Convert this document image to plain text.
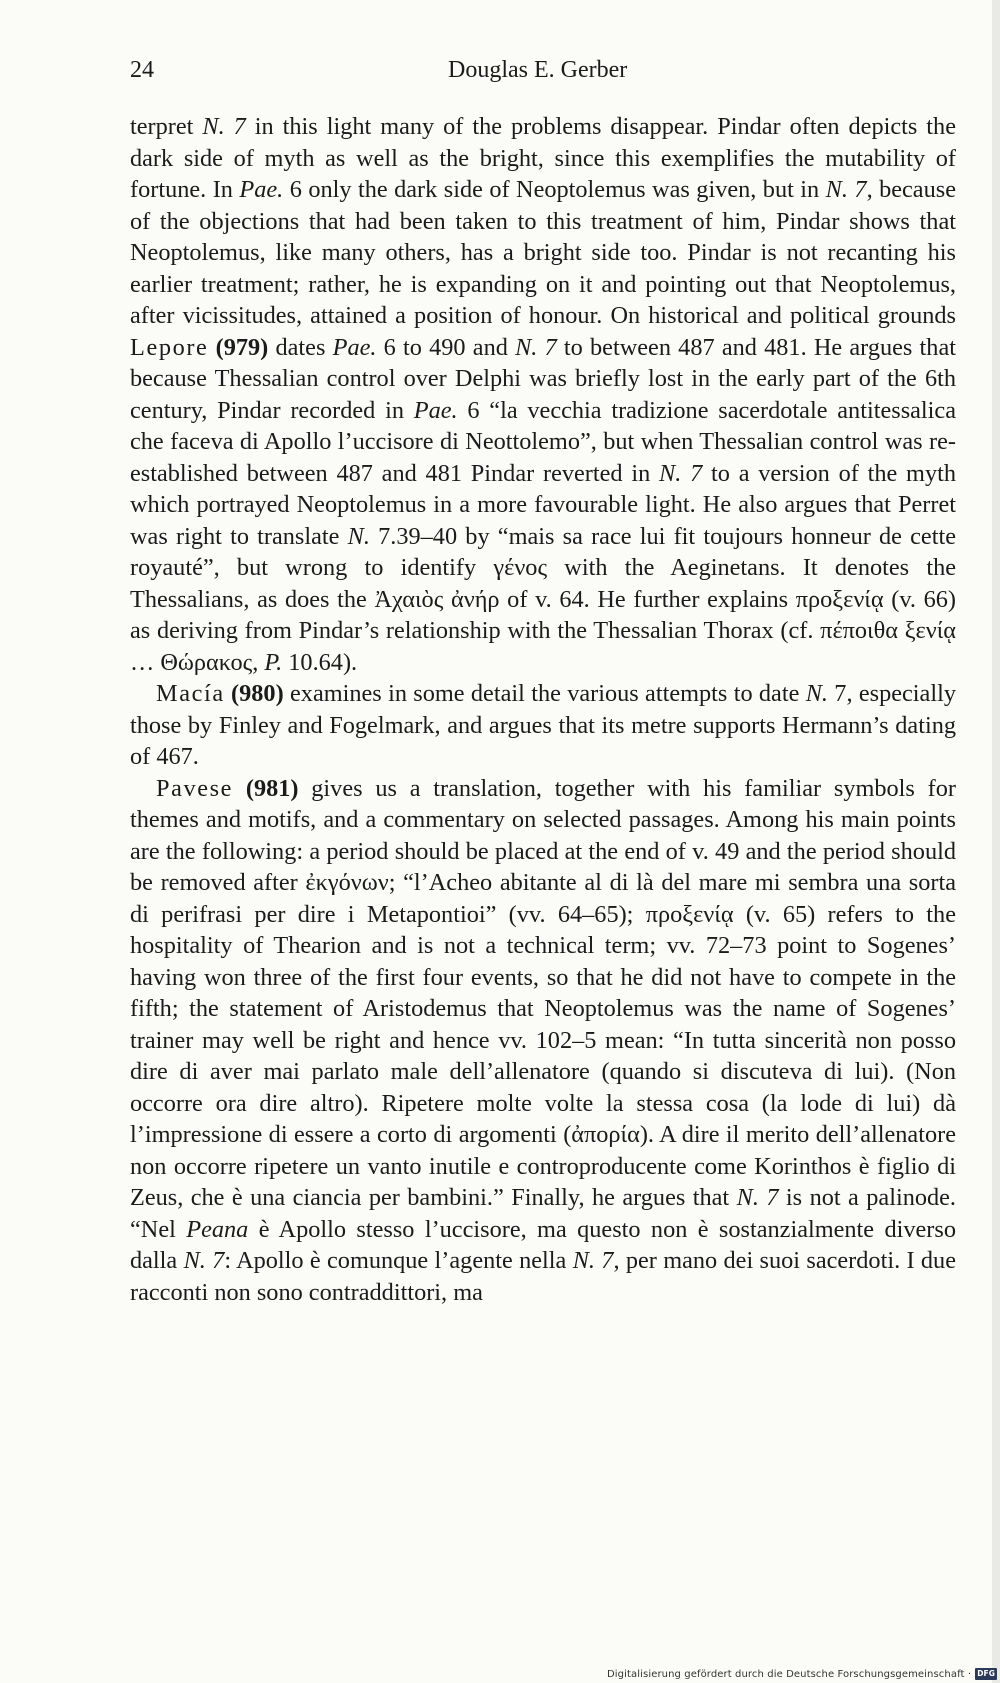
24	Douglas E. Gerber

terpret N. 7 in this light many of the problems disappear. Pindar often depicts the dark side of myth as well as the bright, since this exemplifies the mutability of fortune. In Pae. 6 only the dark side of Neoptolemus was given, but in N. 7, because of the objections that had been taken to this treatment of him, Pindar shows that Neoptolemus, like many others, has a bright side too. Pindar is not recanting his earlier treatment; rather, he is expanding on it and pointing out that Neoptolemus, after vicissitudes, attained a position of honour. On historical and political grounds Lepore (979) dates Pae. 6 to 490 and N. 7 to between 487 and 481. He argues that because Thessalian control over Delphi was briefly lost in the early part of the 6th century, Pindar recorded in Pae. 6 “la vecchia tradizione sacerdotale antitessalica che faceva di Apollo l’uccisore di Neottolemo”, but when Thessalian control was re-established between 487 and 481 Pindar reverted in N. 7 to a version of the myth which portrayed Neoptolemus in a more favourable light. He also argues that Perret was right to translate N. 7.39–40 by “mais sa race lui fit toujours honneur de cette royauté”, but wrong to identify γένος with the Aeginetans. It denotes the Thessalians, as does the Ἀχαιὸς ἀνήρ of v. 64. He further explains προξενίᾳ (v. 66) as deriving from Pindar’s relationship with the Thessalian Thorax (cf. πέποιθα ξενίᾳ … Θώρακος, P. 10.64).

Macía (980) examines in some detail the various attempts to date N. 7, especially those by Finley and Fogelmark, and argues that its metre supports Hermann’s dating of 467.

Pavese (981) gives us a translation, together with his familiar symbols for themes and motifs, and a commentary on selected passages. Among his main points are the following: a period should be placed at the end of v. 49 and the period should be removed after ἐκγόνων; “l’Acheo abitante al di là del mare mi sembra una sorta di perifrasi per dire i Metapontioi” (vv. 64–65); προξενίᾳ (v. 65) refers to the hospitality of Thearion and is not a technical term; vv. 72–73 point to Sogenes’ having won three of the first four events, so that he did not have to compete in the fifth; the statement of Aristodemus that Neoptolemus was the name of Sogenes’ trainer may well be right and hence vv. 102–5 mean: “In tutta sincerità non posso dire di aver mai parlato male dell’allenatore (quando si discuteva di lui). (Non occorre ora dire altro). Ripetere molte volte la stessa cosa (la lode di lui) dà l’impressione di essere a corto di argomenti (ἀπορία). A dire il merito dell’allenatore non occorre ripetere un vanto inutile e controproducente come Korinthos è figlio di Zeus, che è una ciancia per bambini.” Finally, he argues that N. 7 is not a palinode. “Nel Peana è Apollo stesso l’uccisore, ma questo non è sostanzialmente diverso dalla N. 7: Apollo è comunque l’agente nella N. 7, per mano dei suoi sacerdoti. I due racconti non sono contraddittori, ma

Digitalisierung gefördert durch die Deutsche Forschungsgemeinschaft · DFG
